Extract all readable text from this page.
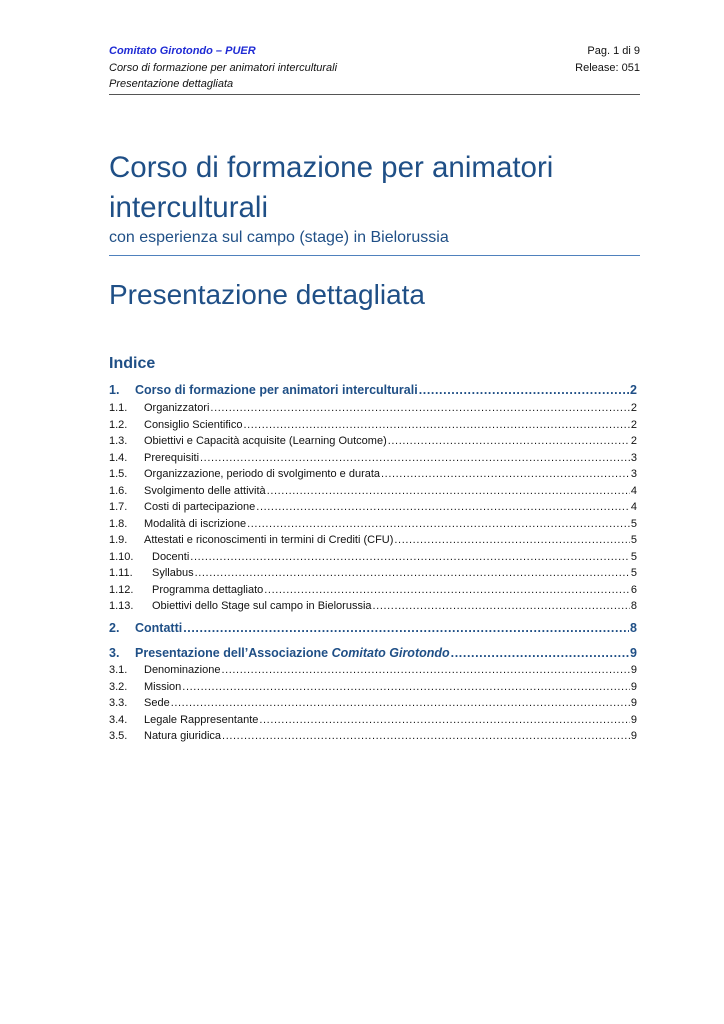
Comitato Girotondo – PUER	Pag. 1 di 9
Corso di formazione per animatori interculturali	Release: 051
Presentazione dettagliata
Corso di formazione per animatori
interculturali
con esperienza sul campo (stage) in Bielorussia
Presentazione dettagliata
Indice
1.	Corso di formazione per animatori interculturali .....	2
1.1.	Organizzatori .....	2
1.2.	Consiglio Scientifico .....	2
1.3.	Obiettivi e Capacità acquisite (Learning Outcome) .....	2
1.4.	Prerequisiti .....	3
1.5.	Organizzazione, periodo di svolgimento e durata .....	3
1.6.	Svolgimento delle attività .....	4
1.7.	Costi di partecipazione .....	4
1.8.	Modalità di iscrizione .....	5
1.9.	Attestati e riconoscimenti in termini di Crediti (CFU) .....	5
1.10.	Docenti .....	5
1.11.	Syllabus .....	5
1.12.	Programma dettagliato .....	6
1.13.	Obiettivi dello Stage sul campo in Bielorussia .....	8
2.	Contatti .....	8
3.	Presentazione dell’Associazione Comitato Girotondo .....	9
3.1.	Denominazione .....	9
3.2.	Mission .....	9
3.3.	Sede .....	9
3.4.	Legale Rappresentante .....	9
3.5.	Natura giuridica .....	9
